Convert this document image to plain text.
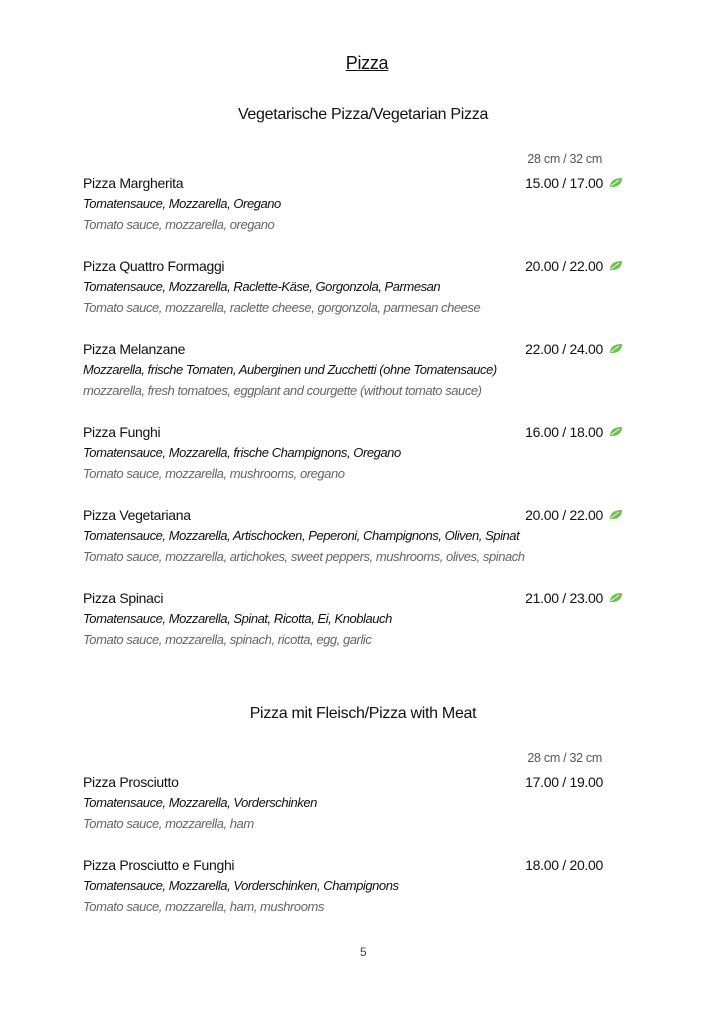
Pizza
Vegetarische Pizza/Vegetarian Pizza
28 cm / 32 cm
Pizza Margherita	15.00 / 17.00
Tomatensauce, Mozzarella, Oregano
Tomato sauce, mozzarella, oregano
Pizza Quattro Formaggi	20.00 / 22.00
Tomatensauce, Mozzarella, Raclette-Käse, Gorgonzola, Parmesan
Tomato sauce, mozzarella, raclette cheese, gorgonzola, parmesan cheese
Pizza Melanzane	22.00 / 24.00
Mozzarella, frische Tomaten, Auberginen und Zucchetti (ohne Tomatensauce)
mozzarella, fresh tomatoes, eggplant and courgette (without tomato sauce)
Pizza Funghi	16.00 / 18.00
Tomatensauce, Mozzarella, frische Champignons, Oregano
Tomato sauce, mozzarella, mushrooms, oregano
Pizza Vegetariana	20.00 / 22.00
Tomatensauce, Mozzarella, Artischocken, Peperoni, Champignons, Oliven, Spinat
Tomato sauce, mozzarella, artichokes, sweet peppers, mushrooms, olives, spinach
Pizza Spinaci	21.00 / 23.00
Tomatensauce, Mozzarella, Spinat, Ricotta, Ei, Knoblauch
Tomato sauce, mozzarella, spinach, ricotta, egg, garlic
Pizza mit Fleisch/Pizza with Meat
28 cm / 32 cm
Pizza Prosciutto	17.00 / 19.00
Tomatensauce, Mozzarella, Vorderschinken
Tomato sauce, mozzarella, ham
Pizza Prosciutto e Funghi	18.00 / 20.00
Tomatensauce, Mozzarella, Vorderschinken, Champignons
Tomato sauce, mozzarella, ham, mushrooms
5
